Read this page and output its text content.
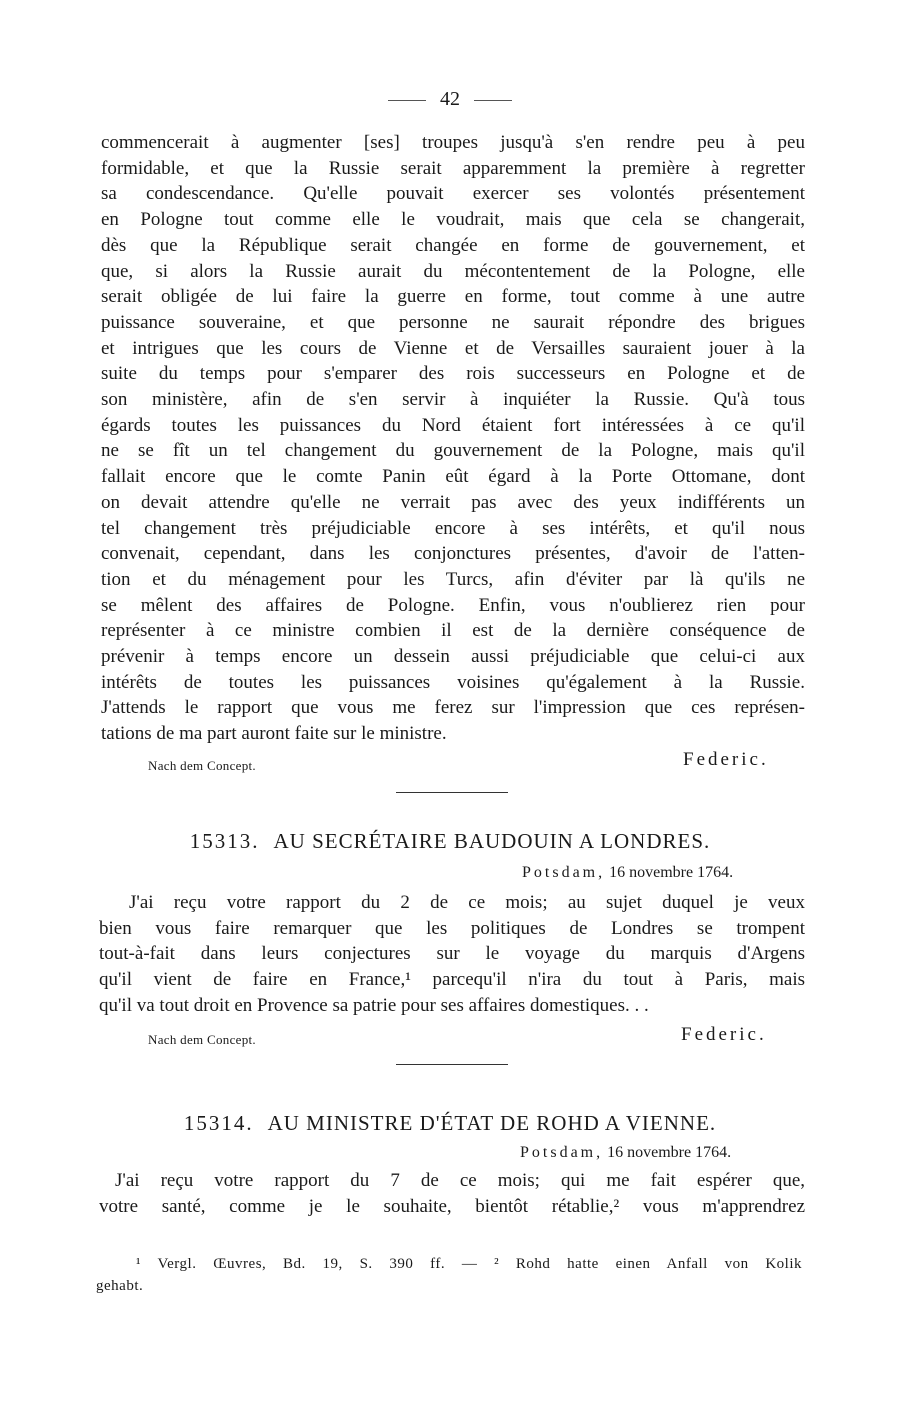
42
commencerait à augmenter [ses] troupes jusqu'à s'en rendre peu à peu
formidable, et que la Russie serait apparemment la première à regretter
sa condescendance. Qu'elle pouvait exercer ses volontés présentement
en Pologne tout comme elle le voudrait, mais que cela se changerait,
dès que la République serait changée en forme de gouvernement, et
que, si alors la Russie aurait du mécontentement de la Pologne, elle
serait obligée de lui faire la guerre en forme, tout comme à une autre
puissance souveraine, et que personne ne saurait répondre des brigues
et intrigues que les cours de Vienne et de Versailles sauraient jouer à la
suite du temps pour s'emparer des rois successeurs en Pologne et de
son ministère, afin de s'en servir à inquiéter la Russie. Qu'à tous
égards toutes les puissances du Nord étaient fort intéressées à ce qu'il
ne se fît un tel changement du gouvernement de la Pologne, mais qu'il
fallait encore que le comte Panin eût égard à la Porte Ottomane, dont
on devait attendre qu'elle ne verrait pas avec des yeux indifférents un
tel changement très préjudiciable encore à ses intérêts, et qu'il nous
convenait, cependant, dans les conjonctures présentes, d'avoir de l'atten-
tion et du ménagement pour les Turcs, afin d'éviter par là qu'ils ne
se mêlent des affaires de Pologne. Enfin, vous n'oublierez rien pour
représenter à ce ministre combien il est de la dernière conséquence de
prévenir à temps encore un dessein aussi préjudiciable que celui-ci aux
intérêts de toutes les puissances voisines qu'également à la Russie.
J'attends le rapport que vous me ferez sur l'impression que ces représen-
tations de ma part auront faite sur le ministre.
Nach dem Concept.	Federic.
15313. AU SECRÉTAIRE BAUDOUIN A LONDRES.
Potsdam, 16 novembre 1764.
J'ai reçu votre rapport du 2 de ce mois; au sujet duquel je veux
bien vous faire remarquer que les politiques de Londres se trompent
tout-à-fait dans leurs conjectures sur le voyage du marquis d'Argens
qu'il vient de faire en France,¹ parcequ'il n'ira du tout à Paris, mais
qu'il va tout droit en Provence sa patrie pour ses affaires domestiques. . .
Nach dem Concept.	Federic.
15314. AU MINISTRE D'ÉTAT DE ROHD A VIENNE.
Potsdam, 16 novembre 1764.
J'ai reçu votre rapport du 7 de ce mois; qui me fait espérer que,
votre santé, comme je le souhaite, bientôt rétablie,² vous m'apprendrez
¹ Vergl. Œuvres, Bd. 19, S. 390 ff. — ² Rohd hatte einen Anfall von Kolik
gehabt.
